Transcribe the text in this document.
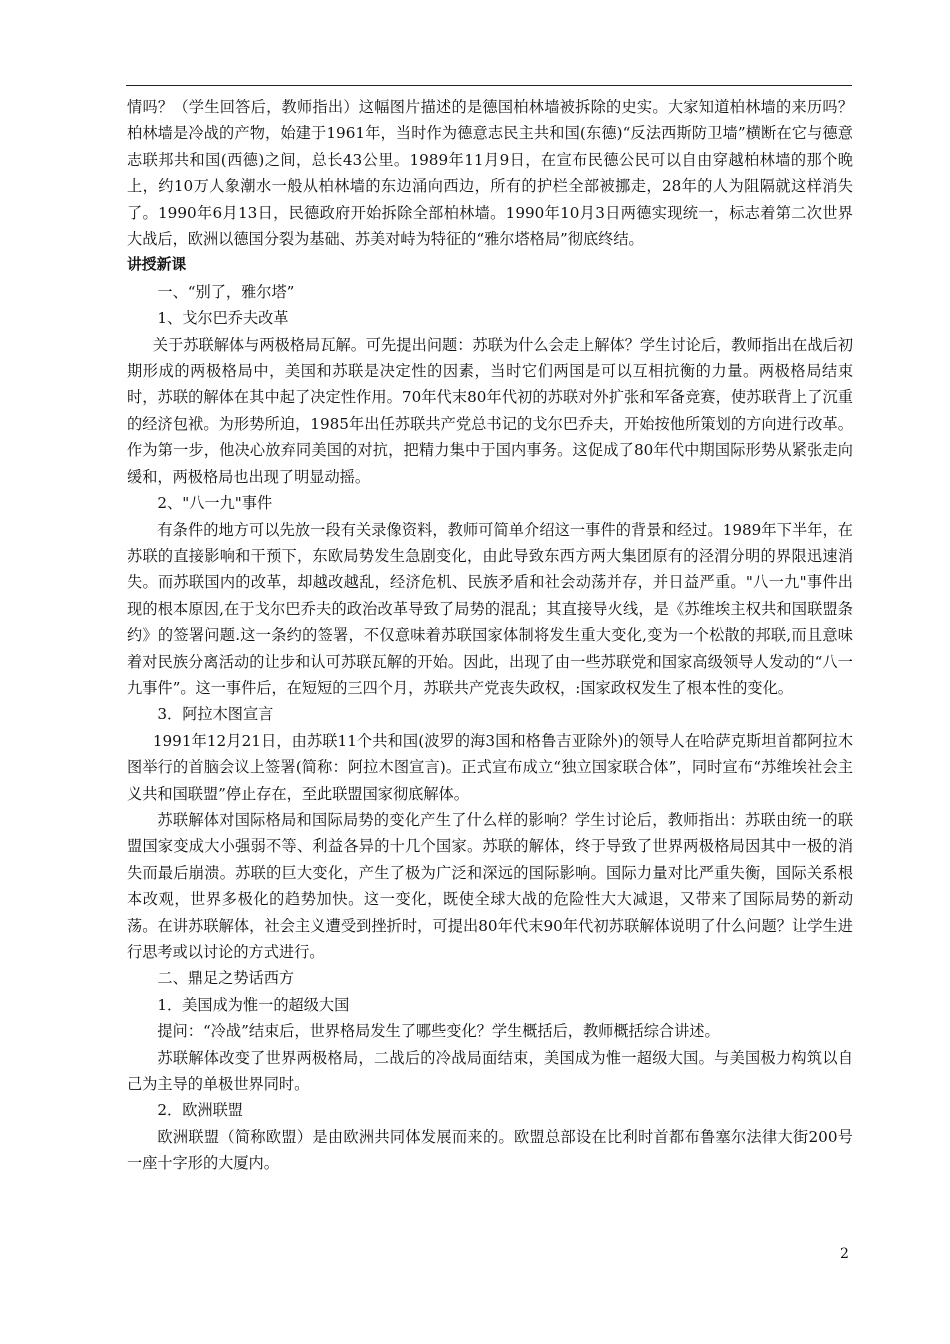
情吗？（学生回答后，教师指出）这幅图片描述的是德国柏林墙被拆除的史实。大家知道柏林墙的来历吗？柏林墙是冷战的产物，始建于1961年，当时作为德意志民主共和国(东德)“反法西斯防卫墙”横断在它与德意志联邦共和国(西德)之间，总长43公里。1989年11月9日，在宣布民德公民可以自由穿越柏林墙的那个晚上，约10万人象潮水一般从柏林墙的东边涌向西边，所有的护栏全部被挪走，28年的人为阻隔就这样消失了。1990年6月13日，民德政府开始拆除全部柏林墙。1990年10月3日两德实现统一，标志着第二次世界大战后，欧洲以德国分裂为基础、苏美对峙为特征的“雅尔塔格局”彻底终结。

讲授新课

一、“别了，雅尔塔”

1、戈尔巴乔夫改革

关于苏联解体与两极格局瓦解。可先提出问题：苏联为什么会走上解体？学生讨论后，教师指出在战后初期形成的两极格局中，美国和苏联是决定性的因素，当时它们两国是可以互相抗衡的力量。两极格局结束时，苏联的解体在其中起了决定性作用。70年代末80年代初的苏联对外扩张和军备竞赛，使苏联背上了沉重的经济包袱。为形势所迫，1985年出任苏联共产党总书记的戈尔巴乔夫，开始按他所策划的方向进行改革。作为第一步，他决心放弃同美国的对抗，把精力集中于国内事务。这促成了80年代中期国际形势从紧张走向缓和，两极格局也出现了明显动摇。

2、"八一九"事件

有条件的地方可以先放一段有关录像资料，教师可简单介绍这一事件的背景和经过。1989年下半年，在苏联的直接影响和干预下，东欧局势发生急剧变化，由此导致东西方两大集团原有的泾渭分明的界限迅速消失。而苏联国内的改革，却越改越乱，经济危机、民族矛盾和社会动荡并存，并日益严重。"八一九"事件出现的根本原因,在于戈尔巴乔夫的政治改革导致了局势的混乱；其直接导火线，是《苏维埃主权共和国联盟条约》的签署问题.这一条约的签署，不仅意味着苏联国家体制将发生重大变化,变为一个松散的邦联,而且意味着对民族分离活动的让步和认可苏联瓦解的开始。因此，出现了由一些苏联党和国家高级领导人发动的“八一九事件”。这一事件后，在短短的三四个月，苏联共产党丧失政权，:国家政权发生了根本性的变化。

3．阿拉木图宣言

1991年12月21日，由苏联11个共和国(波罗的海3国和格鲁吉亚除外)的领导人在哈萨克斯坦首都阿拉木图举行的首脑会议上签署(简称：阿拉木图宣言)。正式宣布成立“独立国家联合体”，同时宣布“苏维埃社会主义共和国联盟”停止存在，至此联盟国家彻底解体。

苏联解体对国际格局和国际局势的变化产生了什么样的影响？学生讨论后，教师指出：苏联由统一的联盟国家变成大小强弱不等、利益各异的十几个国家。苏联的解体，终于导致了世界两极格局因其中一极的消失而最后崩溃。苏联的巨大变化，产生了极为广泛和深远的国际影响。国际力量对比严重失衡，国际关系根本改观，世界多极化的趋势加快。这一变化，既使全球大战的危险性大大减退，又带来了国际局势的新动荡。在讲苏联解体，社会主义遭受到挫折时，可提出80年代末90年代初苏联解体说明了什么问题？让学生进行思考或以讨论的方式进行。

二、鼎足之势话西方

1．美国成为惟一的超级大国

提问：“冷战”结束后，世界格局发生了哪些变化？学生概括后，教师概括综合讲述。

苏联解体改变了世界两极格局，二战后的冷战局面结束，美国成为惟一超级大国。与美国极力构筑以自己为主导的单极世界同时。

2．欧洲联盟

欧洲联盟（简称欧盟）是由欧洲共同体发展而来的。欧盟总部设在比利时首都布鲁塞尔法律大街200号一座十字形的大厦内。

2
